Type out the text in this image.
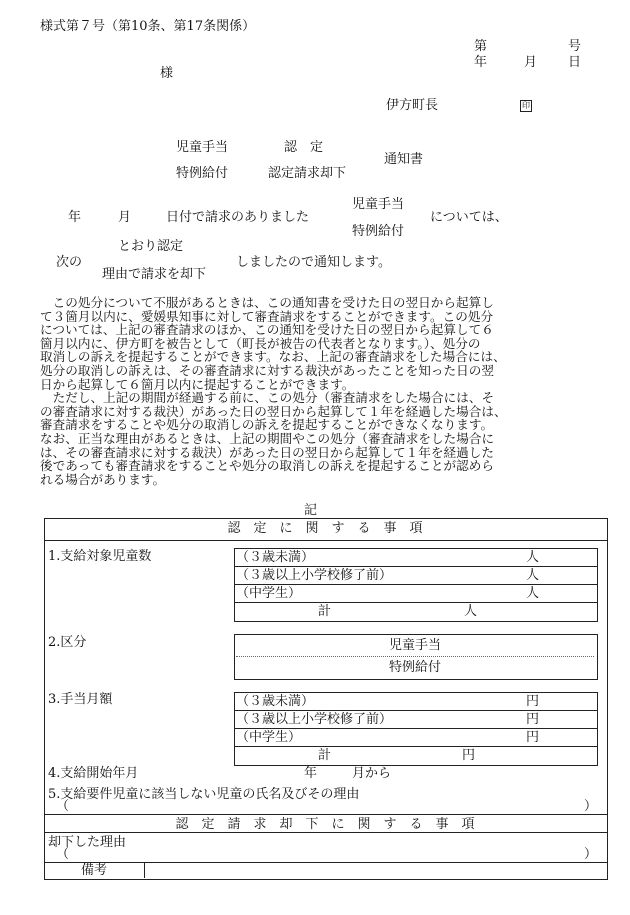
様式第７号（第10条、第17条関係）
第	号
年	月 日
様
伊方町長	印
児童手当	認　定
通知書
特例給付	認定請求却下
児童手当
年	月	日付で請求のありました	については、
特例給付
とおり認定
次の	しましたので通知します。
理由で請求を却下
　この処分について不服があるときは、この通知書を受けた日の翌日から起算し
て３箇月以内に、愛媛県知事に対して審査請求をすることができます。この処分
については、上記の審査請求のほか、この通知を受けた日の翌日から起算して６
箇月以内に、伊方町を被告として（町長が被告の代表者となります。）、処分の
取消しの訴えを提起することができます。なお、上記の審査請求をした場合には、
処分の取消しの訴えは、その審査請求に対する裁決があったことを知った日の翌
日から起算して６箇月以内に提起することができます。
　ただし、上記の期間が経過する前に、この処分（審査請求をした場合には、そ
の審査請求に対する裁決）があった日の翌日から起算して１年を経過した場合は、
審査請求をすることや処分の取消しの訴えを提起することができなくなります。
なお、正当な理由があるときは、上記の期間やこの処分（審査請求をした場合に
は、その審査請求に対する裁決）があった日の翌日から起算して１年を経過した
後であっても審査請求をすることや処分の取消しの訴えを提起することが認めら
れる場合があります。
記
認　定　に　関　す　る　事　項
1.支給対象児童数	（３歳未満）	人
（３歳以上小学校修了前）	人
（中学生）	人
計	人
2.区分	児童手当
特例給付
3.手当月額	（３歳未満）	円
（３歳以上小学校修了前）	円
（中学生）	円
計	円
4.支給開始年月	年	月から
5.支給要件児童に該当しない児童の氏名及びその理由
（	）
認　定　請　求　却　下　に　関　す　る　事　項
却下した理由
（	）
備考
